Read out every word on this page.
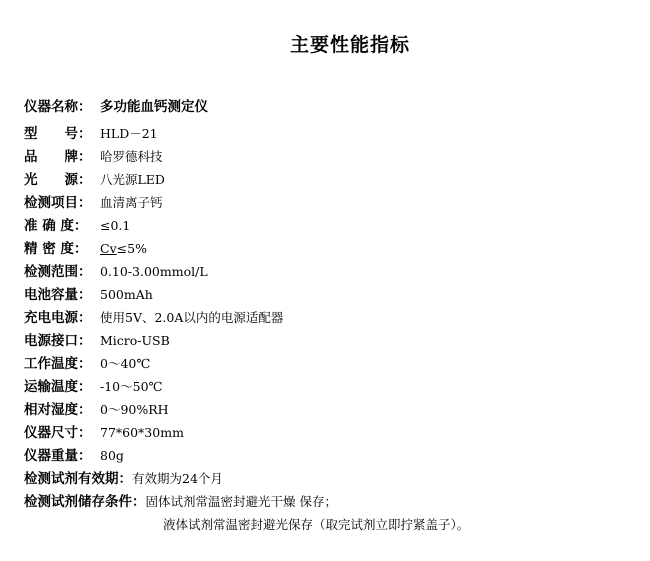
主要性能指标
仪器名称： 多功能血钙测定仪
型　　号： HLD－21
品　　牌： 哈罗德科技
光　　源： 八光源LED
检测项目： 血清离子钙
准 确 度： ≤0.1
精 密 度： Cv≤5%
检测范围： 0.10-3.00mmol/L
电池容量： 500mAh
充电电源： 使用5V、2.0A以内的电源适配器
电源接口： Micro-USB
工作温度： 0～40℃
运输温度： -10～50℃
相对湿度： 0～90%RH
仪器尺寸： 77*60*30mm
仪器重量： 80g
检测试剂有效期：有效期为24个月
检测试剂储存条件：固体试剂常温密封避光干燥 保存；
液体试剂常温密封避光保存（取完试剂立即拧紧盖子）。
